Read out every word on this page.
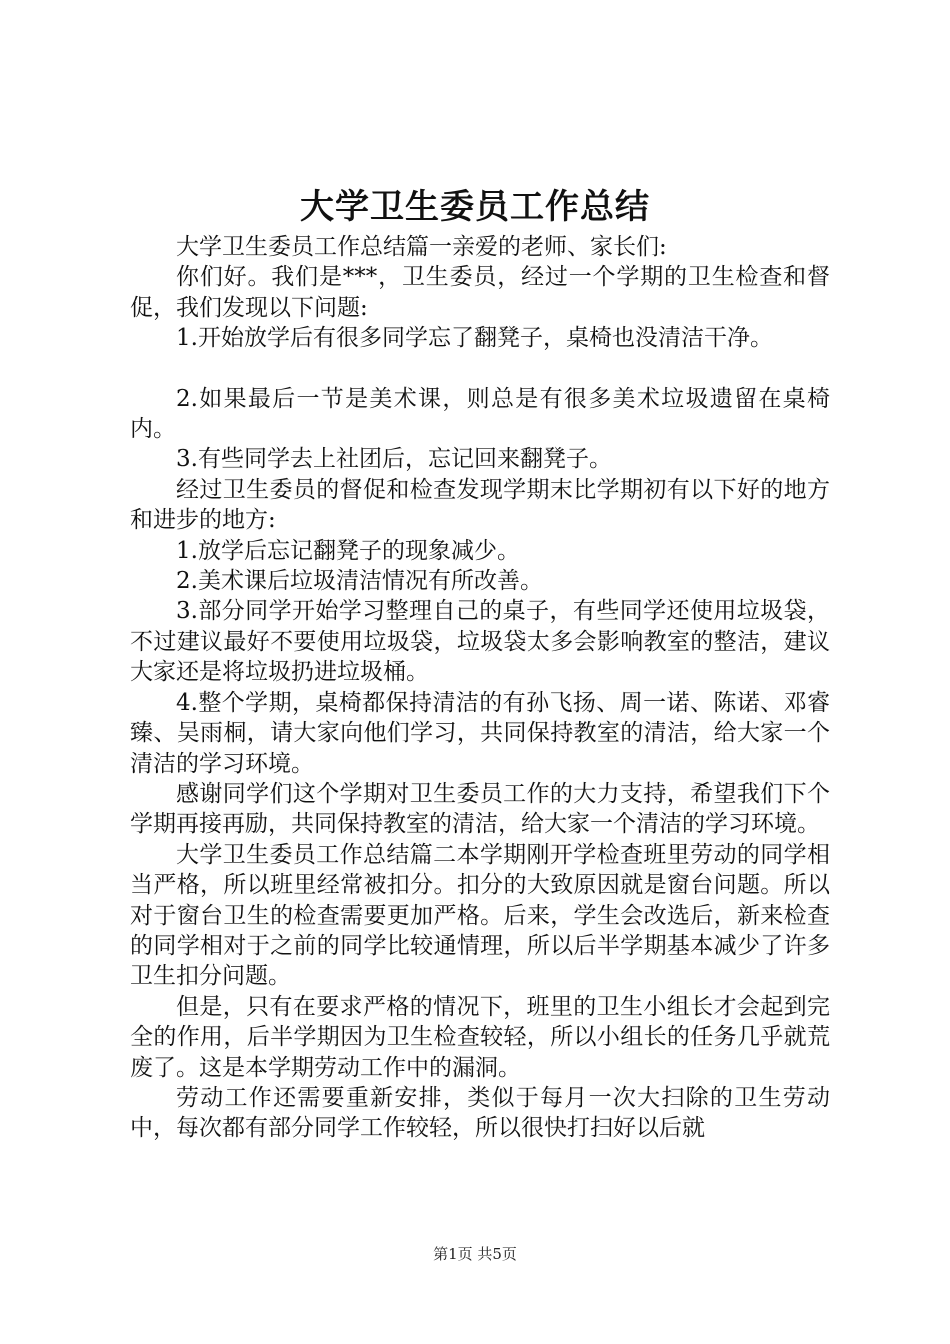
大学卫生委员工作总结

大学卫生委员工作总结篇一亲爱的老师、家长们:

你们好。我们是***，卫生委员，经过一个学期的卫生检查和督促，我们发现以下问题:

1.开始放学后有很多同学忘了翻凳子，桌椅也没清洁干净。

2.如果最后一节是美术课，则总是有很多美术垃圾遗留在桌椅内。

3.有些同学去上社团后，忘记回来翻凳子。

经过卫生委员的督促和检查发现学期末比学期初有以下好的地方和进步的地方:

1.放学后忘记翻凳子的现象减少。

2.美术课后垃圾清洁情况有所改善。

3.部分同学开始学习整理自己的桌子，有些同学还使用垃圾袋，不过建议最好不要使用垃圾袋，垃圾袋太多会影响教室的整洁，建议大家还是将垃圾扔进垃圾桶。

4.整个学期，桌椅都保持清洁的有孙飞扬、周一诺、陈诺、邓睿臻、吴雨桐，请大家向他们学习，共同保持教室的清洁，给大家一个清洁的学习环境。

感谢同学们这个学期对卫生委员工作的大力支持，希望我们下个学期再接再励，共同保持教室的清洁，给大家一个清洁的学习环境。

大学卫生委员工作总结篇二本学期刚开学检查班里劳动的同学相当严格，所以班里经常被扣分。扣分的大致原因就是窗台问题。所以对于窗台卫生的检查需要更加严格。后来，学生会改选后，新来检查的同学相对于之前的同学比较通情理，所以后半学期基本减少了许多卫生扣分问题。

但是，只有在要求严格的情况下，班里的卫生小组长才会起到完全的作用，后半学期因为卫生检查较轻，所以小组长的任务几乎就荒废了。这是本学期劳动工作中的漏洞。

劳动工作还需要重新安排，类似于每月一次大扫除的卫生劳动中，每次都有部分同学工作较轻，所以很快打扫好以后就

第1页 共5页
